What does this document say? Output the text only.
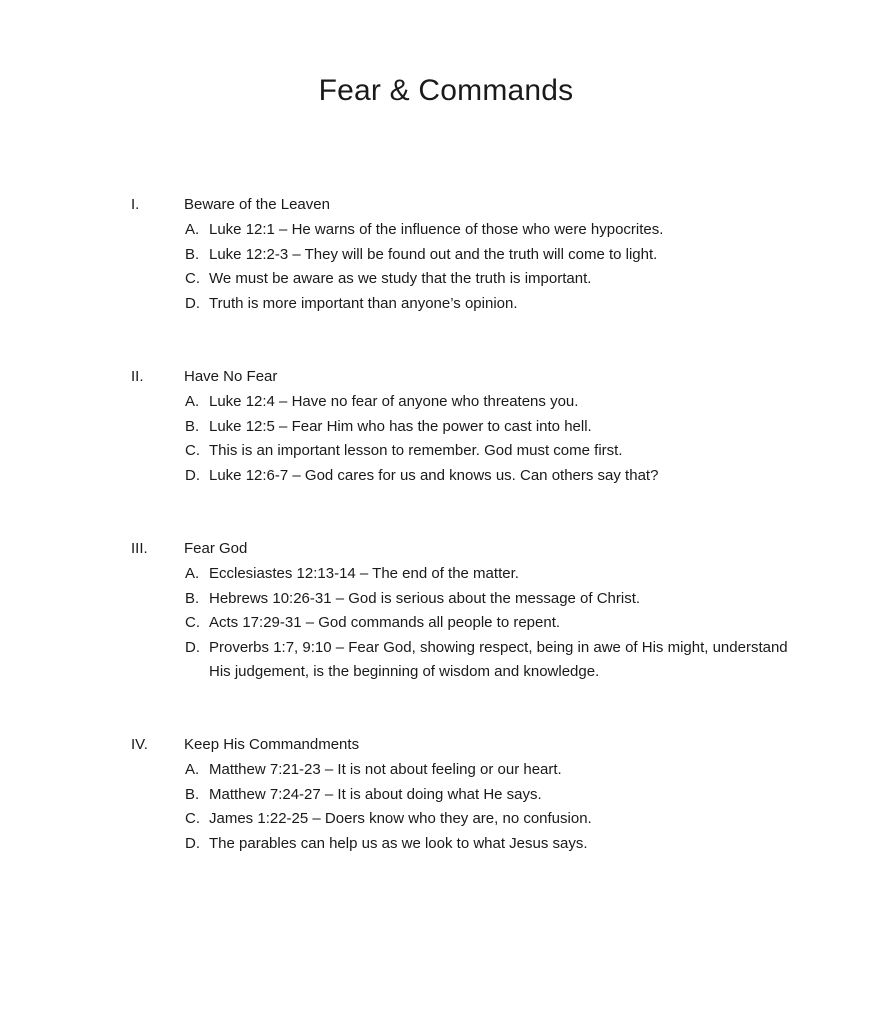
Fear & Commands
I.	Beware of the Leaven
A. Luke 12:1 – He warns of the influence of those who were hypocrites.
B. Luke 12:2-3 – They will be found out and the truth will come to light.
C. We must be aware as we study that the truth is important.
D. Truth is more important than anyone’s opinion.
II.	Have No Fear
A. Luke 12:4 – Have no fear of anyone who threatens you.
B. Luke 12:5 – Fear Him who has the power to cast into hell.
C. This is an important lesson to remember. God must come first.
D. Luke 12:6-7 – God cares for us and knows us. Can others say that?
III. Fear God
A. Ecclesiastes 12:13-14 – The end of the matter.
B. Hebrews 10:26-31 – God is serious about the message of Christ.
C. Acts 17:29-31 – God commands all people to repent.
D. Proverbs 1:7, 9:10 – Fear God, showing respect, being in awe of His might, understand His judgement, is the beginning of wisdom and knowledge.
IV. Keep His Commandments
A. Matthew 7:21-23 – It is not about feeling or our heart.
B. Matthew 7:24-27 – It is about doing what He says.
C. James 1:22-25 – Doers know who they are, no confusion.
D. The parables can help us as we look to what Jesus says.
